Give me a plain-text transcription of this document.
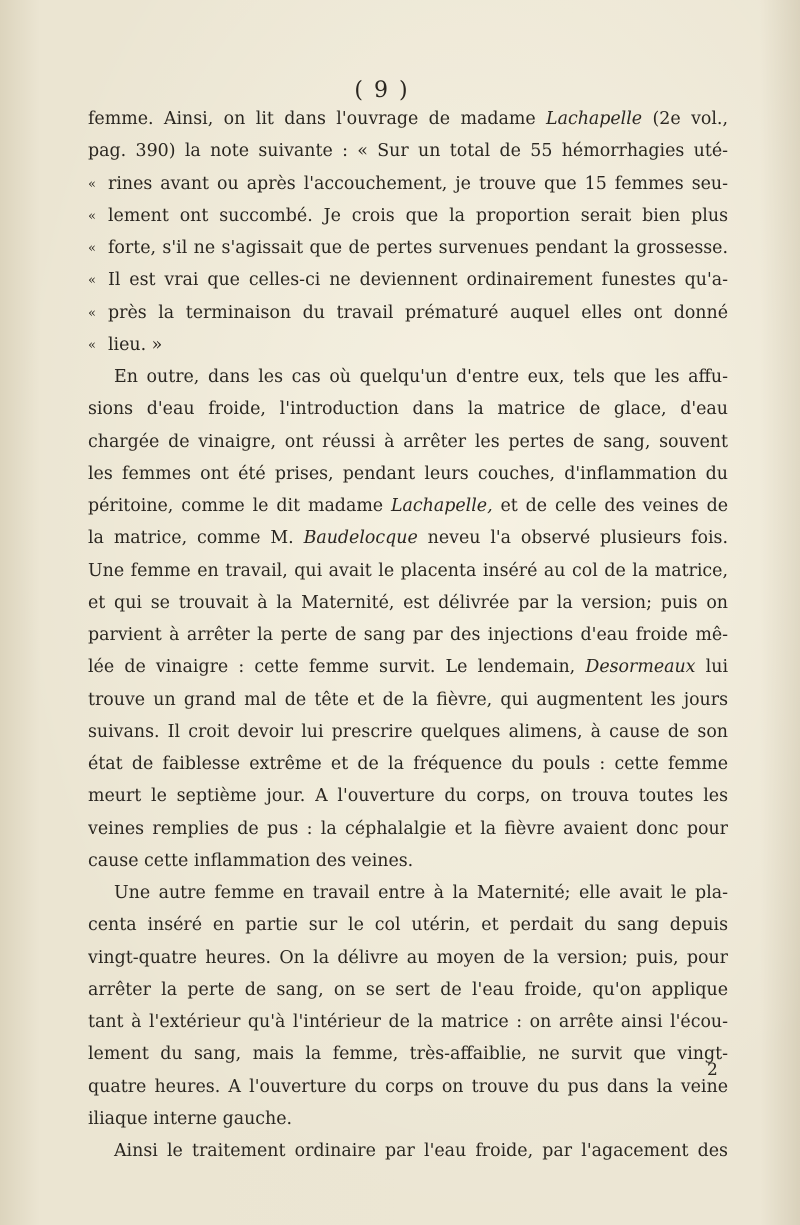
( 9 )
femme. Ainsi, on lit dans l'ouvrage de madame Lachapelle (2e vol.,
pag. 390) la note suivante : « Sur un total de 55 hémorrhagies uté-
« rines avant ou après l'accouchement, je trouve que 15 femmes seu-
« lement ont succombé. Je crois que la proportion serait bien plus
« forte, s'il ne s'agissait que de pertes survenues pendant la grossesse.
« Il est vrai que celles-ci ne deviennent ordinairement funestes qu'a-
« près la terminaison du travail prématuré auquel elles ont donné
« lieu. »
En outre, dans les cas où quelqu'un d'entre eux, tels que les affu-
sions d'eau froide, l'introduction dans la matrice de glace, d'eau
chargée de vinaigre, ont réussi à arrêter les pertes de sang, souvent
les femmes ont été prises, pendant leurs couches, d'inflammation du
péritoine, comme le dit madame Lachapelle, et de celle des veines de
la matrice, comme M. Baudelocque neveu l'a observé plusieurs fois.
Une femme en travail, qui avait le placenta inséré au col de la matrice,
et qui se trouvait à la Maternité, est délivrée par la version; puis on
parvient à arrêter la perte de sang par des injections d'eau froide mê-
lée de vinaigre : cette femme survit. Le lendemain, Desormeaux lui
trouve un grand mal de tête et de la fièvre, qui augmentent les jours
suivans. Il croit devoir lui prescrire quelques alimens, à cause de son
état de faiblesse extrême et de la fréquence du pouls : cette femme
meurt le septième jour. A l'ouverture du corps, on trouva toutes les
veines remplies de pus : la céphalalgie et la fièvre avaient donc pour
cause cette inflammation des veines.
Une autre femme en travail entre à la Maternité; elle avait le pla-
centa inséré en partie sur le col utérin, et perdait du sang depuis
vingt-quatre heures. On la délivre au moyen de la version; puis, pour
arrêter la perte de sang, on se sert de l'eau froide, qu'on applique
tant à l'extérieur qu'à l'intérieur de la matrice : on arrête ainsi l'écou-
lement du sang, mais la femme, très-affaiblie, ne survit que vingt-
quatre heures. A l'ouverture du corps on trouve du pus dans la veine
iliaque interne gauche.
Ainsi le traitement ordinaire par l'eau froide, par l'agacement des
2
